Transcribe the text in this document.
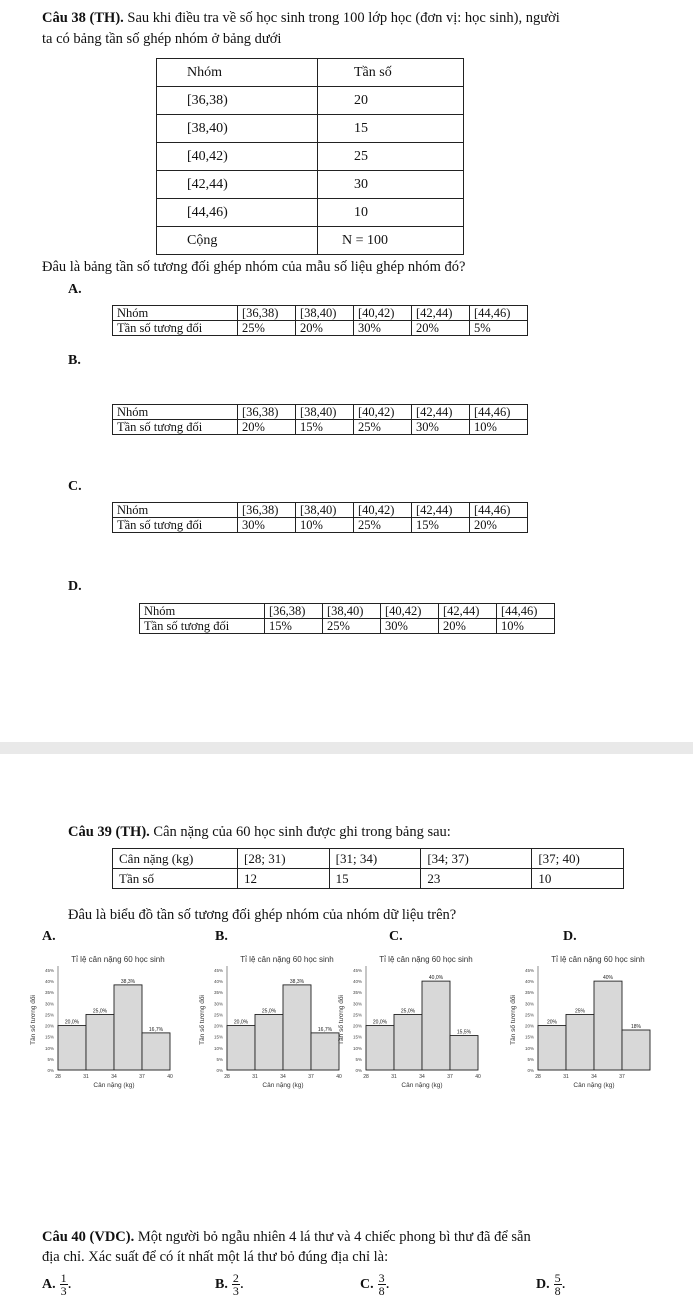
Câu 38 (TH). Sau khi điều tra về số học sinh trong 100 lớp học (đơn vị: học sinh), người
ta có bảng tần số ghép nhóm ở bảng dưới
Nhóm	Tần số
[36,38)	20
[38,40)	15
[40,42)	25
[42,44)	30
[44,46)	10
Cộng	N = 100
Đâu là bảng tần số tương đối ghép nhóm của mẫu số liệu ghép nhóm đó?
A.
Nhóm	[36,38)	[38,40)	[40,42)	[42,44)	[44,46)
Tần số tương đối	25%	20%	30%	20%	5%
B.
Nhóm	[36,38)	[38,40)	[40,42)	[42,44)	[44,46)
Tần số tương đối	20%	15%	25%	30%	10%
C.
Nhóm	[36,38)	[38,40)	[40,42)	[42,44)	[44,46)
Tần số tương đối	30%	10%	25%	15%	20%
D.
Nhóm	[36,38)	[38,40)	[40,42)	[42,44)	[44,46)
Tần số tương đối	15%	25%	30%	20%	10%
Câu 39 (TH). Cân nặng của 60 học sinh được ghi trong bảng sau:
Cân nặng (kg)	[28; 31)	[31; 34)	[34; 37)	[37; 40)
Tần số	12	15	23	10
Đâu là biểu đồ tần số tương đối ghép nhóm của nhóm dữ liệu trên?
A.	B.	C.	D.
Tỉ lệ cân nặng 60 học sinh
0%
5%
10%
15%
20%
25%
30%
35%
40%
45%
20,0%
25,0%
38,3%
16,7%
28	31	34	37	40
Cân nặng (kg)
Tần số tương đối
Tỉ lệ cân nặng 60 học sinh
0%
5%
10%
15%
20%
25%
30%
35%
40%
45%
20,0%
25,0%
38,3%
16,7%
28	31	34	37	40
Cân nặng (kg)
Tần số tương đối
Tỉ lệ cân nặng 60 học sinh
0%
5%
10%
15%
20%
25%
30%
35%
40%
45%
20,0%
25,0%
40,0%
15,5%
28	31	34	37	40
Cân nặng (kg)
Tần số tương đối
Tỉ lệ cân nặng 60 học sinh
0%
5%
10%
15%
20%
25%
30%
35%
40%
45%
20%
25%
40%
18%
28	31	34	37
Cân nặng (kg)
Tần số tương đối
Câu 40 (VDC). Một người bỏ ngẫu nhiên 4 lá thư và 4 chiếc phong bì thư đã để sẵn
địa chỉ. Xác suất để có ít nhất một lá thư bỏ đúng địa chỉ là:
A. $\frac{1}{3}$ .	B. $\frac{2}{3}$ .	C. $\frac{3}{8}$ .	D. $\frac{5}{8}$ .
